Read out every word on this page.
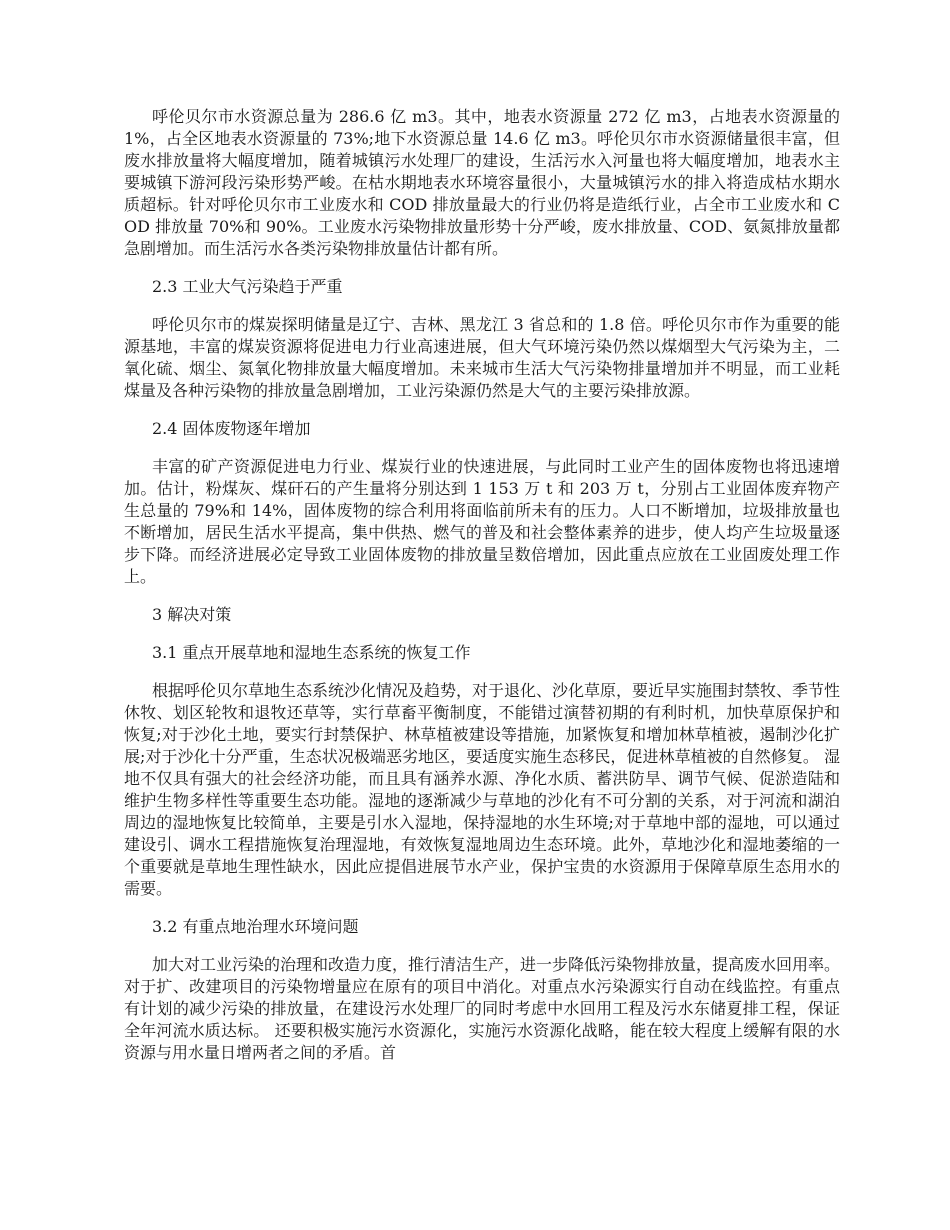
呼伦贝尔市水资源总量为 286.6 亿 m3。其中，地表水资源量 272 亿 m3，占地表水资源量的 1%，占全区地表水资源量的 73%;地下水资源总量 14.6 亿 m3。呼伦贝尔市水资源储量很丰富，但废水排放量将大幅度增加，随着城镇污水处理厂的建设，生活污水入河量也将大幅度增加，地表水主要城镇下游河段污染形势严峻。在枯水期地表水环境容量很小，大量城镇污水的排入将造成枯水期水质超标。针对呼伦贝尔市工业废水和 COD 排放量最大的行业仍将是造纸行业，占全市工业废水和 COD 排放量 70%和 90%。工业废水污染物排放量形势十分严峻，废水排放量、COD、氨氮排放量都急剧增加。而生活污水各类污染物排放量估计都有所。

2.3 工业大气污染趋于严重

呼伦贝尔市的煤炭探明储量是辽宁、吉林、黑龙江 3 省总和的 1.8 倍。呼伦贝尔市作为重要的能源基地，丰富的煤炭资源将促进电力行业高速进展，但大气环境污染仍然以煤烟型大气污染为主，二氧化硫、烟尘、氮氧化物排放量大幅度增加。未来城市生活大气污染物排量增加并不明显，而工业耗煤量及各种污染物的排放量急剧增加，工业污染源仍然是大气的主要污染排放源。

2.4 固体废物逐年增加

丰富的矿产资源促进电力行业、煤炭行业的快速进展，与此同时工业产生的固体废物也将迅速增加。估计，粉煤灰、煤矸石的产生量将分别达到 1 153 万 t 和 203 万 t，分别占工业固体废弃物产生总量的 79%和 14%，固体废物的综合利用将面临前所未有的压力。人口不断增加，垃圾排放量也不断增加，居民生活水平提高，集中供热、燃气的普及和社会整体素养的进步，使人均产生垃圾量逐步下降。而经济进展必定导致工业固体废物的排放量呈数倍增加，因此重点应放在工业固废处理工作上。

3 解决对策

3.1 重点开展草地和湿地生态系统的恢复工作

根据呼伦贝尔草地生态系统沙化情况及趋势，对于退化、沙化草原，要近早实施围封禁牧、季节性休牧、划区轮牧和退牧还草等，实行草畜平衡制度，不能错过演替初期的有利时机，加快草原保护和恢复;对于沙化土地，要实行封禁保护、林草植被建设等措施，加紧恢复和增加林草植被，遏制沙化扩展;对于沙化十分严重，生态状况极端恶劣地区，要适度实施生态移民，促进林草植被的自然修复。 湿地不仅具有强大的社会经济功能，而且具有涵养水源、净化水质、蓄洪防旱、调节气候、促淤造陆和维护生物多样性等重要生态功能。湿地的逐渐减少与草地的沙化有不可分割的关系，对于河流和湖泊周边的湿地恢复比较简单，主要是引水入湿地，保持湿地的水生环境;对于草地中部的湿地，可以通过建设引、调水工程措施恢复治理湿地，有效恢复湿地周边生态环境。此外，草地沙化和湿地萎缩的一个重要就是草地生理性缺水，因此应提倡进展节水产业，保护宝贵的水资源用于保障草原生态用水的需要。

3.2 有重点地治理水环境问题

加大对工业污染的治理和改造力度，推行清洁生产，进一步降低污染物排放量，提高废水回用率。对于扩、改建项目的污染物增量应在原有的项目中消化。对重点水污染源实行自动在线监控。有重点有计划的减少污染的排放量，在建设污水处理厂的同时考虑中水回用工程及污水东储夏排工程，保证全年河流水质达标。 还要积极实施污水资源化，实施污水资源化战略，能在较大程度上缓解有限的水资源与用水量日增两者之间的矛盾。首
